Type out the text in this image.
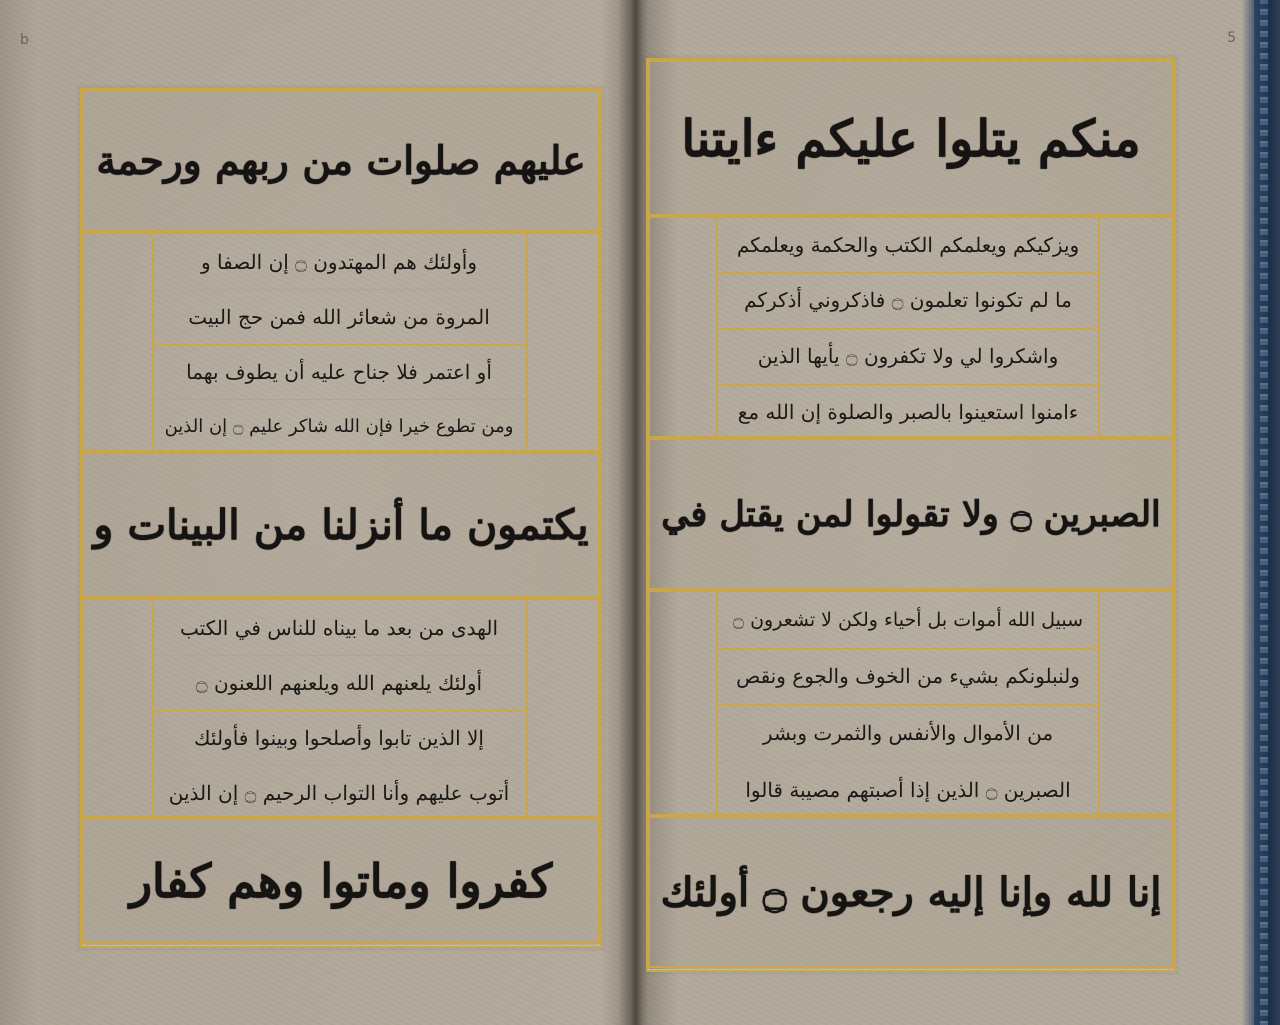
b
عليهم صلوات من ربهم ورحمة
وأولئك هم المهتدون ۝ إن الصفا و
المروة من شعائر الله فمن حج البيت
أو اعتمر فلا جناح عليه أن يطوف بهما
ومن تطوع خيرا فإن الله شاكر عليم ۝ إن الذين
يكتمون ما أنزلنا من البينات و
الهدى من بعد ما بيناه للناس في الكتب
أولئك يلعنهم الله ويلعنهم اللعنون ۝
إلا الذين تابوا وأصلحوا وبينوا فأولئك
أتوب عليهم وأنا التواب الرحيم ۝ إن الذين
كفروا وماتوا وهم كفار
5
منكم يتلوا عليكم ءايتنا
ويزكيكم ويعلمكم الكتب والحكمة ويعلمكم
ما لم تكونوا تعلمون ۝ فاذكروني أذكركم
واشكروا لي ولا تكفرون ۝ يأيها الذين
ءامنوا استعينوا بالصبر والصلوة إن الله مع
الصبرين ۝ ولا تقولوا لمن يقتل في
سبيل الله أموات بل أحياء ولكن لا تشعرون ۝
ولنبلونكم بشيء من الخوف والجوع ونقص
من الأموال والأنفس والثمرت وبشر
الصبرين ۝ الذين إذا أصبتهم مصيبة قالوا
إنا لله وإنا إليه رجعون ۝ أولئك
